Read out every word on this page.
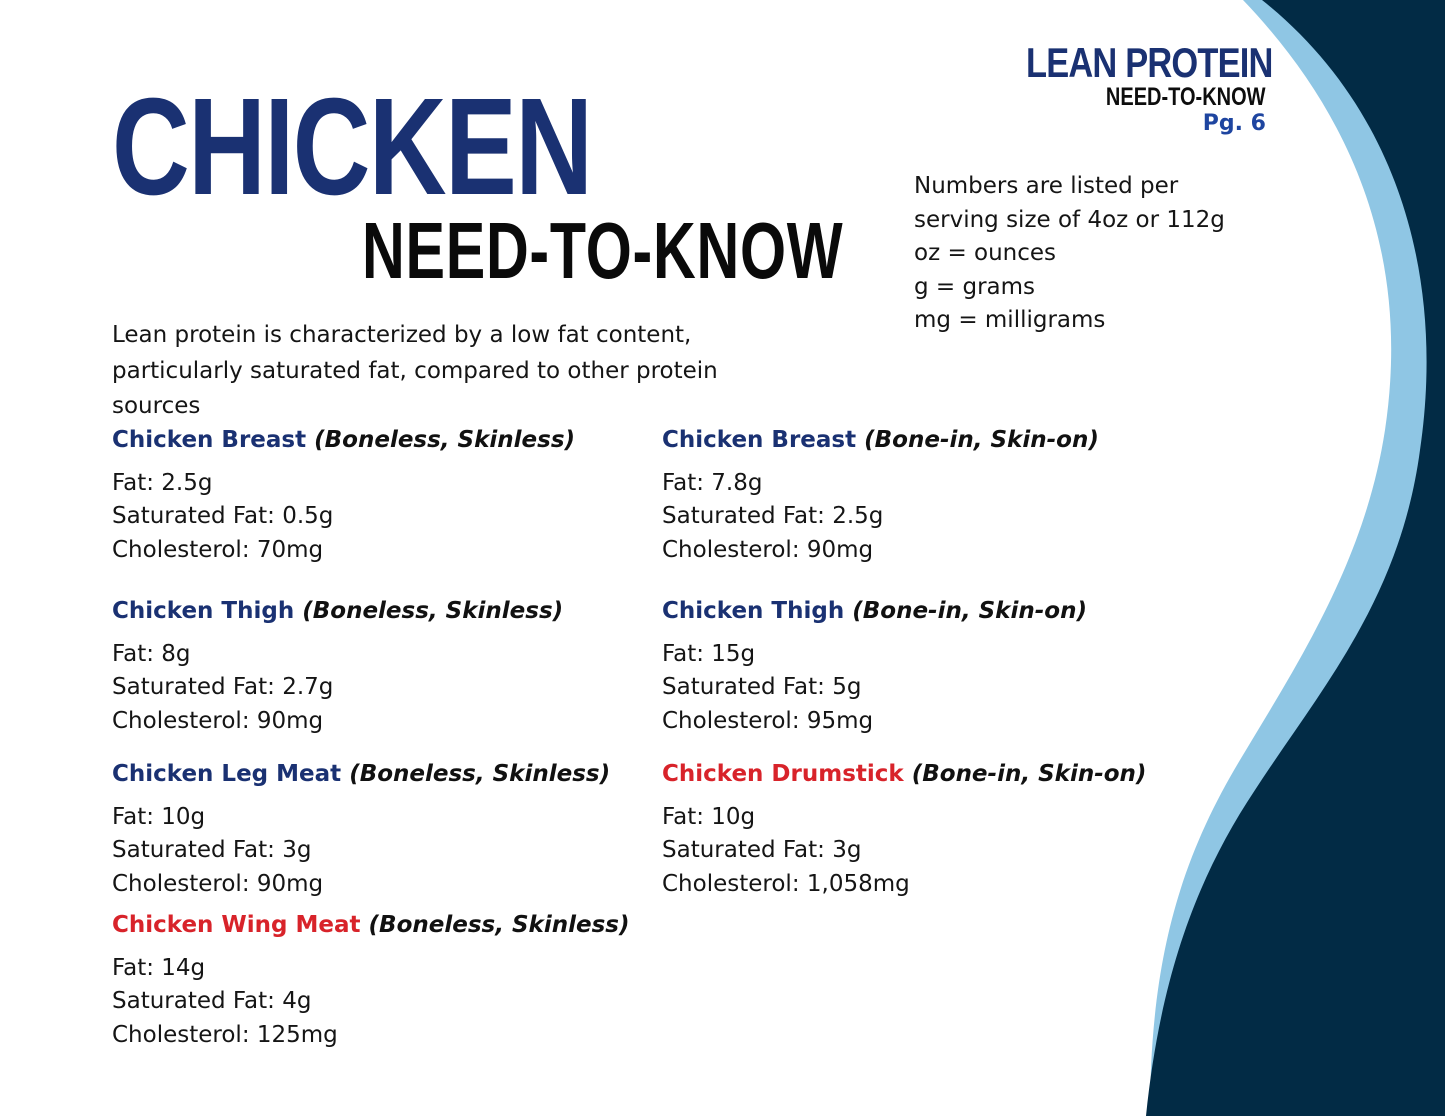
LEAN PROTEIN
NEED-TO-KNOW
Pg. 6
CHICKEN
NEED-TO-KNOW
Numbers are listed per
serving size of 4oz or 112g
oz = ounces
g = grams
mg = milligrams

Lean protein is characterized by a low fat content, particularly saturated fat, compared to other protein sources

Chicken Breast (Boneless, Skinless)
Fat: 2.5g
Saturated Fat: 0.5g
Cholesterol: 70mg
Chicken Thigh (Boneless, Skinless)
Fat: 8g
Saturated Fat: 2.7g
Cholesterol: 90mg
Chicken Leg Meat (Boneless, Skinless)
Fat: 10g
Saturated Fat: 3g
Cholesterol: 90mg
Chicken Wing Meat (Boneless, Skinless)
Fat: 14g
Saturated Fat: 4g
Cholesterol: 125mg
Chicken Breast (Bone-in, Skin-on)
Fat: 7.8g
Saturated Fat: 2.5g
Cholesterol: 90mg
Chicken Thigh (Bone-in, Skin-on)
Fat: 15g
Saturated Fat: 5g
Cholesterol: 95mg
Chicken Drumstick (Bone-in, Skin-on)
Fat: 10g
Saturated Fat: 3g
Cholesterol: 1,058mg
